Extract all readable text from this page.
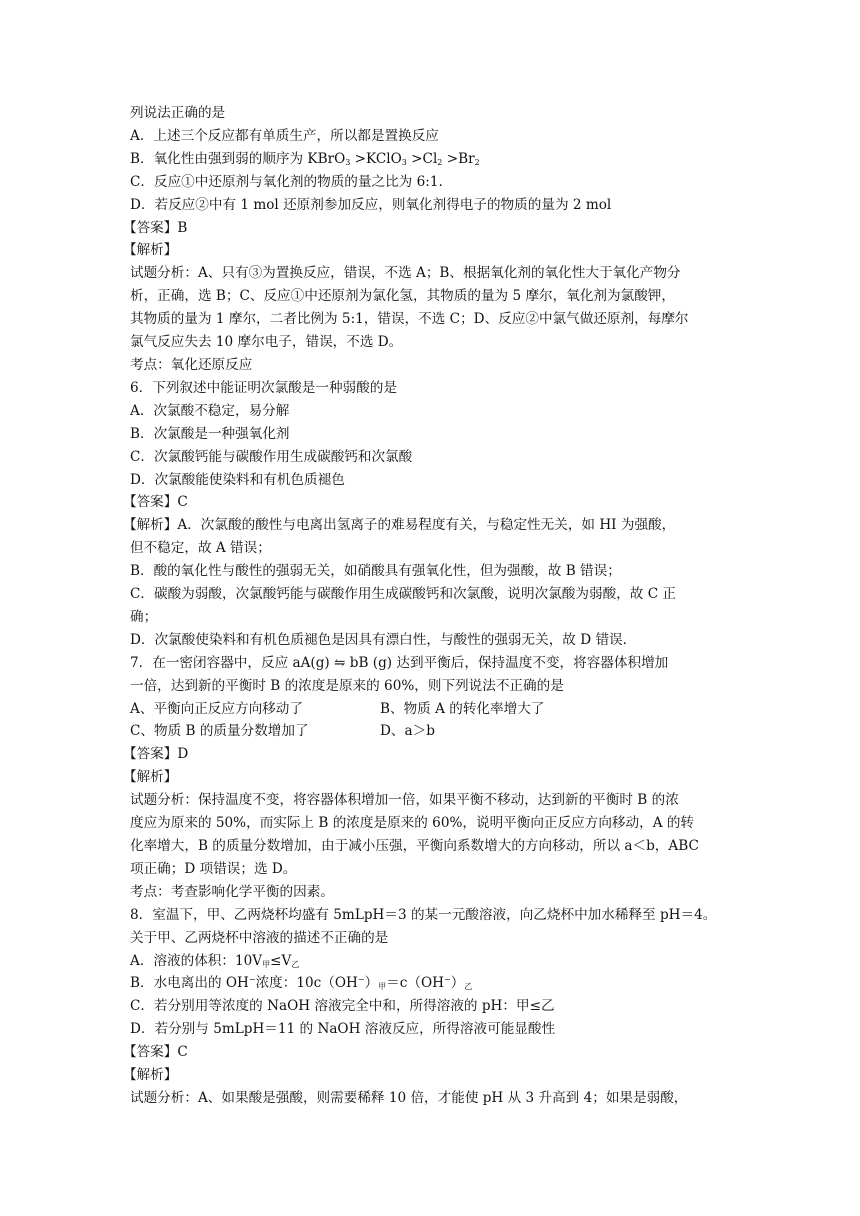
列说法正确的是
A．上述三个反应都有单质生产，所以都是置换反应
B．氧化性由强到弱的顺序为 KBrO$_3$ >KClO$_3$ $>Cl_2 >Br_2$
C．反应①中还原剂与氧化剂的物质的量之比为 6:1.
D．若反应②中有 1 mol 还原剂参加反应，则氧化剂得电子的物质的量为 2 mol
【答案】B
【解析】
试题分析：A、只有③为置换反应，错误，不选 A；B、根据氧化剂的氧化性大于氧化产物分
析，正确，选 B；C、反应①中还原剂为氯化氢，其物质的量为 5 摩尔，氧化剂为氯酸钾，
其物质的量为 1 摩尔，二者比例为 5:1，错误，不选 C；D、反应②中氯气做还原剂，每摩尔
氯气反应失去 10 摩尔电子，错误，不选 D。
考点：氧化还原反应
6．下列叙述中能证明次氯酸是一种弱酸的是
A．次氯酸不稳定，易分解
B．次氯酸是一种强氧化剂
C．次氯酸钙能与碳酸作用生成碳酸钙和次氯酸
D．次氯酸能使染料和有机色质褪色
【答案】C
【解析】A．次氯酸的酸性与电离出氢离子的难易程度有关，与稳定性无关，如 HI 为强酸，
但不稳定，故 A 错误；
B．酸的氧化性与酸性的强弱无关，如硝酸具有强氧化性，但为强酸，故 B 错误；
C．碳酸为弱酸，次氯酸钙能与碳酸作用生成碳酸钙和次氯酸，说明次氯酸为弱酸，故 C 正
确；
D．次氯酸使染料和有机色质褪色是因具有漂白性，与酸性的强弱无关，故 D 错误.
7．在一密闭容器中，反应 aA(g) ⇋ bB (g) 达到平衡后，保持温度不变，将容器体积增加
一倍，达到新的平衡时 B 的浓度是原来的 60%，则下列说法不正确的是
A、平衡向正反应方向移动了	B、物质 A 的转化率增大了
C、物质 B 的质量分数增加了	D、a＞b
【答案】D
【解析】
试题分析：保持温度不变，将容器体积增加一倍，如果平衡不移动，达到新的平衡时 B 的浓
度应为原来的 50%，而实际上 B 的浓度是原来的 60%，说明平衡向正反应方向移动，A 的转
化率增大，B 的质量分数增加，由于减小压强，平衡向系数增大的方向移动，所以 a＜b，ABC
项正确；D 项错误；选 D。
考点：考查影响化学平衡的因素。
8．室温下，甲、乙两烧杯均盛有 5mLpH＝3 的某一元酸溶液，向乙烧杯中加水稀释至 pH＝4。
关于甲、乙两烧杯中溶液的描述不正确的是
A．溶液的体积：$10V_甲\le V_乙$
B．水电离出的 OH−浓度：$10c(OH^-)_甲=c(OH^-)_乙$
C．若分别用等浓度的 NaOH 溶液完全中和，所得溶液的 pH：甲≤乙
D．若分别与 5mLpH＝11 的 NaOH 溶液反应，所得溶液可能显酸性
【答案】C
【解析】
试题分析：A、如果酸是强酸，则需要稀释 10 倍，才能使 pH 从 3 升高到 4；如果是弱酸，
